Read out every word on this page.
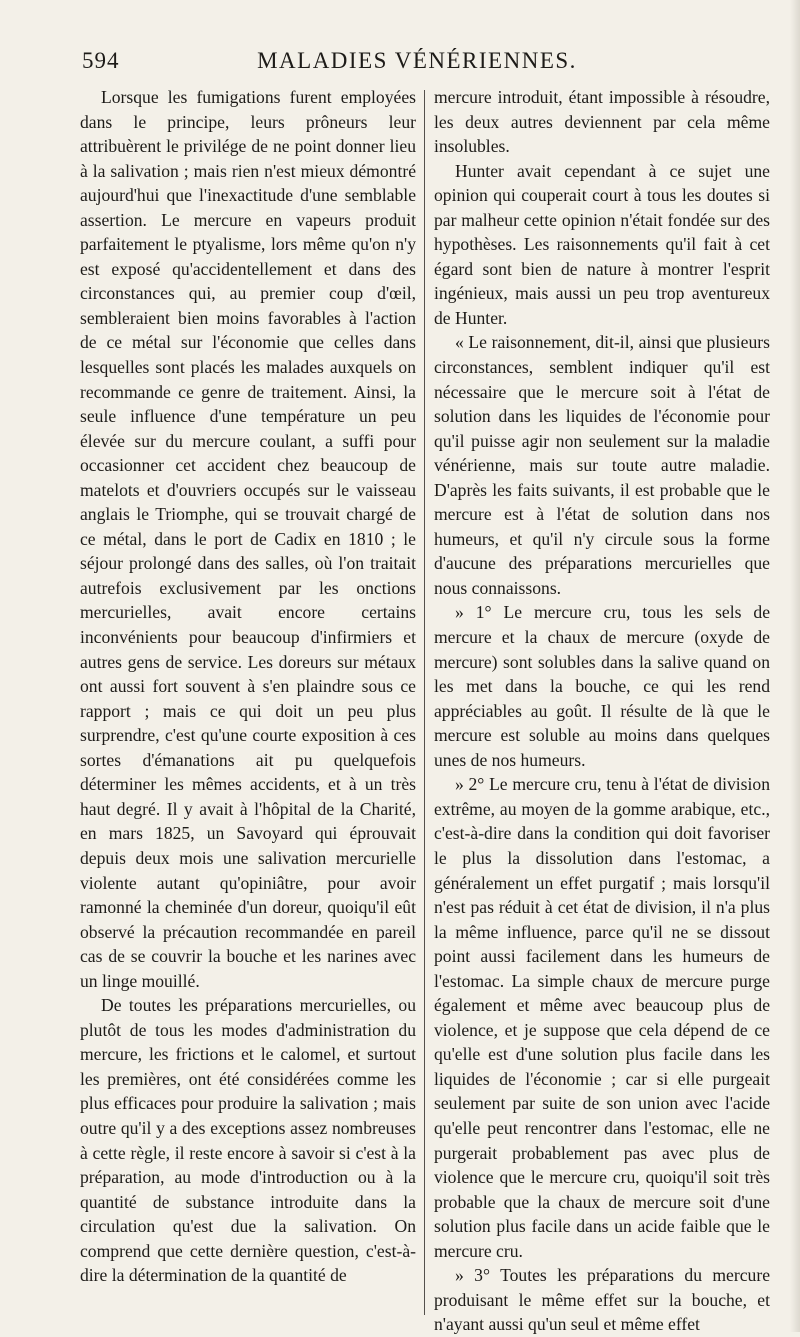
594	MALADIES VÉNÉRIENNES.

Lorsque les fumigations furent employées dans le principe, leurs prôneurs leur attribuèrent le privilége de ne point donner lieu à la salivation ; mais rien n'est mieux démontré aujourd'hui que l'inexactitude d'une semblable assertion. Le mercure en vapeurs produit parfaitement le ptyalisme, lors même qu'on n'y est exposé qu'accidentellement et dans des circonstances qui, au premier coup d'œil, sembleraient bien moins favorables à l'action de ce métal sur l'économie que celles dans lesquelles sont placés les malades auxquels on recommande ce genre de traitement. Ainsi, la seule influence d'une température un peu élevée sur du mercure coulant, a suffi pour occasionner cet accident chez beaucoup de matelots et d'ouvriers occupés sur le vaisseau anglais le Triomphe, qui se trouvait chargé de ce métal, dans le port de Cadix en 1810 ; le séjour prolongé dans des salles, où l'on traitait autrefois exclusivement par les onctions mercurielles, avait encore certains inconvénients pour beaucoup d'infirmiers et autres gens de service. Les doreurs sur métaux ont aussi fort souvent à s'en plaindre sous ce rapport ; mais ce qui doit un peu plus surprendre, c'est qu'une courte exposition à ces sortes d'émanations ait pu quelquefois déterminer les mêmes accidents, et à un très haut degré. Il y avait à l'hôpital de la Charité, en mars 1825, un Savoyard qui éprouvait depuis deux mois une salivation mercurielle violente autant qu'opiniâtre, pour avoir ramonné la cheminée d'un doreur, quoiqu'il eût observé la précaution recommandée en pareil cas de se couvrir la bouche et les narines avec un linge mouillé.

De toutes les préparations mercurielles, ou plutôt de tous les modes d'administration du mercure, les frictions et le calomel, et surtout les premières, ont été considérées comme les plus efficaces pour produire la salivation ; mais outre qu'il y a des exceptions assez nombreuses à cette règle, il reste encore à savoir si c'est à la préparation, au mode d'introduction ou à la quantité de substance introduite dans la circulation qu'est due la salivation. On comprend que cette dernière question, c'est-à-dire la détermination de la quantité de

mercure introduit, étant impossible à résoudre, les deux autres deviennent par cela même insolubles.

Hunter avait cependant à ce sujet une opinion qui couperait court à tous les doutes si par malheur cette opinion n'était fondée sur des hypothèses. Les raisonnements qu'il fait à cet égard sont bien de nature à montrer l'esprit ingénieux, mais aussi un peu trop aventureux de Hunter.

« Le raisonnement, dit-il, ainsi que plusieurs circonstances, semblent indiquer qu'il est nécessaire que le mercure soit à l'état de solution dans les liquides de l'économie pour qu'il puisse agir non seulement sur la maladie vénérienne, mais sur toute autre maladie. D'après les faits suivants, il est probable que le mercure est à l'état de solution dans nos humeurs, et qu'il n'y circule sous la forme d'aucune des préparations mercurielles que nous connaissons.

» 1° Le mercure cru, tous les sels de mercure et la chaux de mercure (oxyde de mercure) sont solubles dans la salive quand on les met dans la bouche, ce qui les rend appréciables au goût. Il résulte de là que le mercure est soluble au moins dans quelques unes de nos humeurs.

» 2° Le mercure cru, tenu à l'état de division extrême, au moyen de la gomme arabique, etc., c'est-à-dire dans la condition qui doit favoriser le plus la dissolution dans l'estomac, a généralement un effet purgatif ; mais lorsqu'il n'est pas réduit à cet état de division, il n'a plus la même influence, parce qu'il ne se dissout point aussi facilement dans les humeurs de l'estomac. La simple chaux de mercure purge également et même avec beaucoup plus de violence, et je suppose que cela dépend de ce qu'elle est d'une solution plus facile dans les liquides de l'économie ; car si elle purgeait seulement par suite de son union avec l'acide qu'elle peut rencontrer dans l'estomac, elle ne purgerait probablement pas avec plus de violence que le mercure cru, quoiqu'il soit très probable que la chaux de mercure soit d'une solution plus facile dans un acide faible que le mercure cru.

» 3° Toutes les préparations du mercure produisant le même effet sur la bouche, et n'ayant aussi qu'un seul et même effet
